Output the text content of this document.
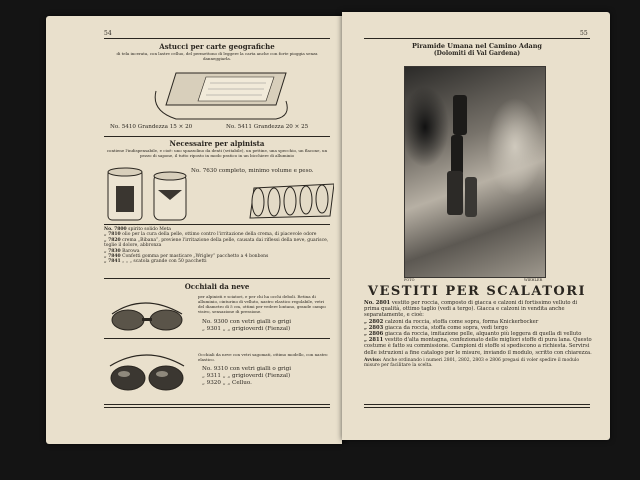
54
Astucci per carte geografiche
di tela incerata, con lastre celluo, del permettono di leggere la carta anche con forte pioggia senza danneggiarla.
No. 5410 Grandezza 15 × 20	No. 5411 Grandezza 20 × 25
Necessaire per alpinista
contiene l'indispensabile, e cioè: uno spazzolino da denti (svitabile), un pettine, una specchio, un flacone, un pezzo di sapone, il tutto riposto in modo pratico in un bicchiere di alluminio
No. 7630 completo, minimo volume e peso.
No. 7800 spirito solido Meta
„ 7810 olio per la cura della pelle, ottimo contro l'irritazione della crema, di piacevole odore
„ 7820 crema „Bibana“, previene l'irritazione della pelle, causata dai riflessi della neve, guarisce, toglie il dolore, abbronza
„ 7830 Barowa
„ 7840 Confetti gomma per masticare „Wrigley“ pacchetto a 4 bonbons
„ 7841 „ „ „ scatola grande con 50 pacchetti
Occhiali da neve
per alpinisti e sciatori, e per chi ha occhi deboli. Retina di alluminio, cinturino di velluto, nastro elastico regolabile, vetri del diametro di 5 cm, ottimi per vedere lontano, grande campo visivo, sensazione di pressione.
No. 9300 con vetri gialli o grigi
„ 9301 „ „ grigioverdi (Fienzal)
Occhiali da neve con vetri sagomati, ottimo modello, con nastro elastico.
No. 9310 con vetri gialli o grigi
„ 9311 „ „ grigioverdi (Fienzal)
„ 9320 „ „ Celluo.
55
Piramide Umana nel Camino Adang
(Dolomiti di Val Gardena)
FOTO	WIEHLER
VESTITI PER SCALATORI
No. 2801 vestito per roccia, composto di giacca e calzoni di fortissimo velluto di prima qualità, ottimo taglio (vedi a tergo). Giacca e calzoni in vendita anche separatamente, e cioè:
„ 2802 calzoni da roccia, stoffa come sopra, forma Knickerbocker
„ 2803 giacca da roccia, stoffa come sopra, vedi tergo
„ 2806 giacca da roccia, imitazione pelle, alquanto più leggera di quella di velluto
„ 2811 vestito d'alta montagna, confezionato delle migliori stoffe di pura lana. Questo costume è fatto su commissione. Campioni di stoffe si spediscono a richiesta. Servirsi delle istruzioni a fine catalogo per le misure, inviando il modulo, scritto con chiarezza.
Avviso: Anche ordinando i numeri 2801, 2802, 2803 e 2806 pregasi di voler spedire il modulo misure per facilitare la scelta.
